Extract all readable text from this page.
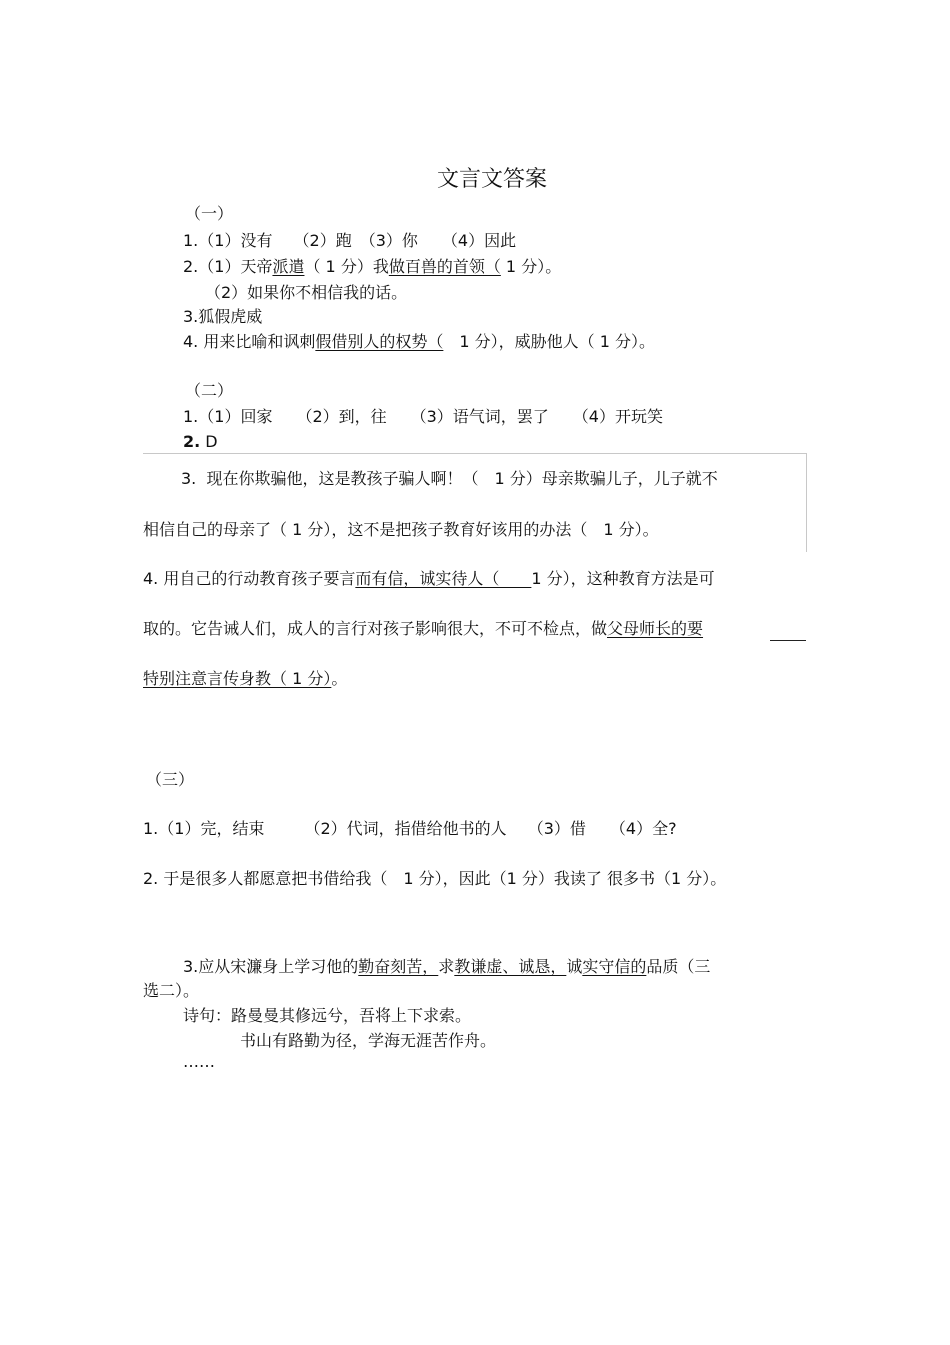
文言文答案
（一）
1.（1）没有　 （2）跑　（3）你　　（4）因此
2.（1）天帝派遣（ 1 分）我做百兽的首领（ 1 分）。
（2）如果你不相信我的话。
3.狐假虎威
4. 用来比喻和讽刺假借别人的权势（　1 分），威胁他人（ 1 分）。
（二）
1.（1）回家　　（2）到，往　　（3）语气词，罢了　　（4）开玩笑
2. D
3.  现在你欺骗他，这是教孩子骗人啊！（　1 分）母亲欺骗儿子，儿子就不
相信自己的母亲了（ 1 分），这不是把孩子教育好该用的办法（　1 分）。
4. 用自己的行动教育孩子要言而有信，诚实待人（　　1 分），这种教育方法是可
取的。它告诫人们，成人的言行对孩子影响很大，不可不检点，做父母师长的要
特别注意言传身教（ 1 分）。
（三）
1.（1）完，结束　　　（2）代词，指借给他书的人　 （3）借　　（4）全?
2. 于是很多人都愿意把书借给我（　1 分），因此（1 分）我读了 很多书（1 分）。
3.应从宋濂身上学习他的勤奋刻苦，求教谦虚、诚恳，诚实守信的品质（三
选二）。
诗句：路曼曼其修远兮，吾将上下求索。
书山有路勤为径，学海无涯苦作舟。
……
